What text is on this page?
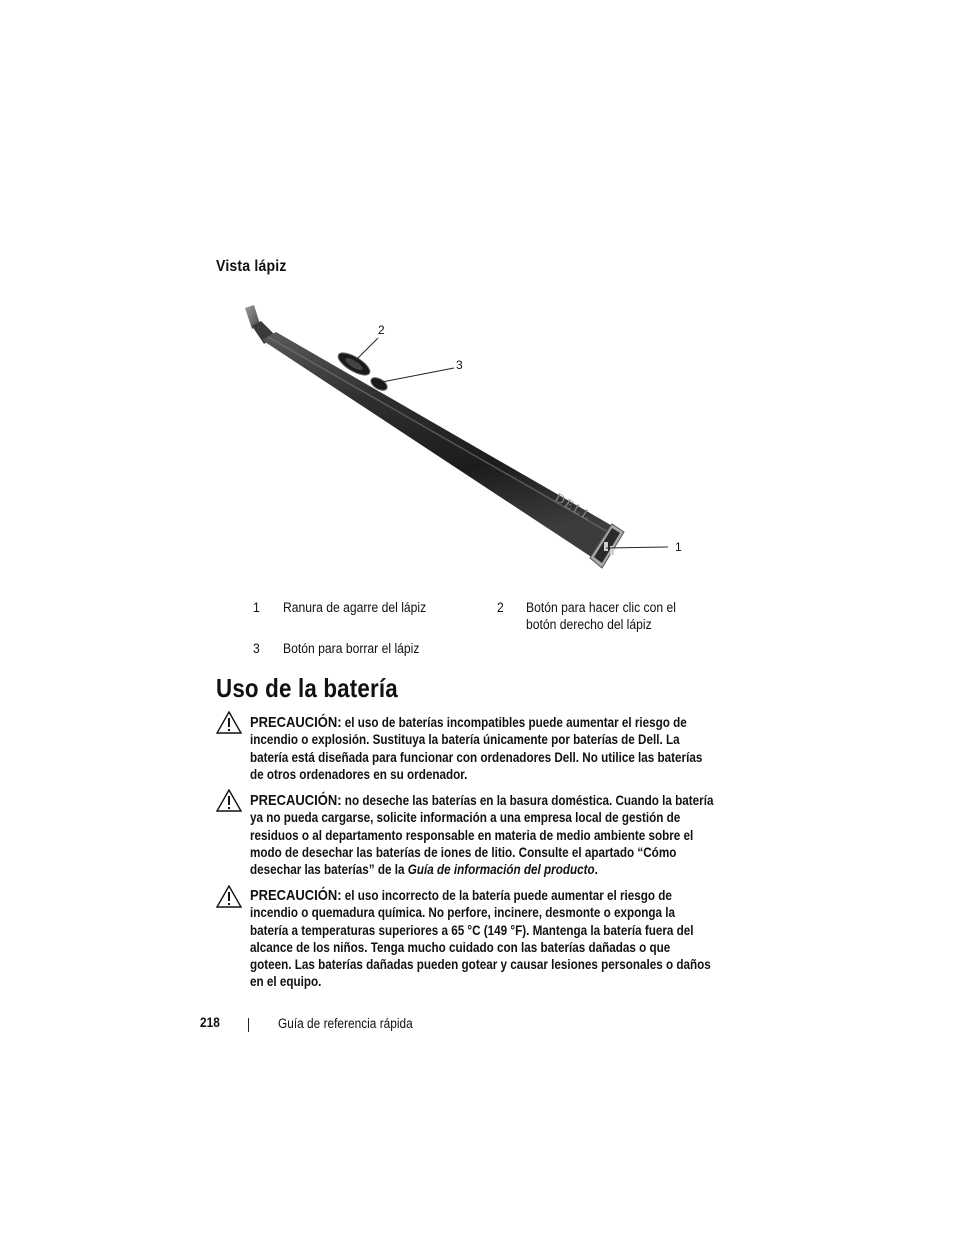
Vista lápiz
DELL
2
3
1
1 Ranura de agarre del lápiz	2 Botón para hacer clic con el botón derecho del lápiz
3 Botón para borrar el lápiz
Uso de la batería
PRECAUCIÓN: el uso de baterías incompatibles puede aumentar el riesgo de incendio o explosión. Sustituya la batería únicamente por baterías de Dell. La batería está diseñada para funcionar con ordenadores Dell. No utilice las baterías de otros ordenadores en su ordenador.
PRECAUCIÓN: no deseche las baterías en la basura doméstica. Cuando la batería ya no pueda cargarse, solicite información a una empresa local de gestión de residuos o al departamento responsable en materia de medio ambiente sobre el modo de desechar las baterías de iones de litio. Consulte el apartado “Cómo desechar las baterías” de la Guía de información del producto.
PRECAUCIÓN: el uso incorrecto de la batería puede aumentar el riesgo de incendio o quemadura química. No perfore, incinere, desmonte o exponga la batería a temperaturas superiores a 65 °C (149 °F). Mantenga la batería fuera del alcance de los niños. Tenga mucho cuidado con las baterías dañadas o que goteen. Las baterías dañadas pueden gotear y causar lesiones personales o daños en el equipo.
218	Guía de referencia rápida
